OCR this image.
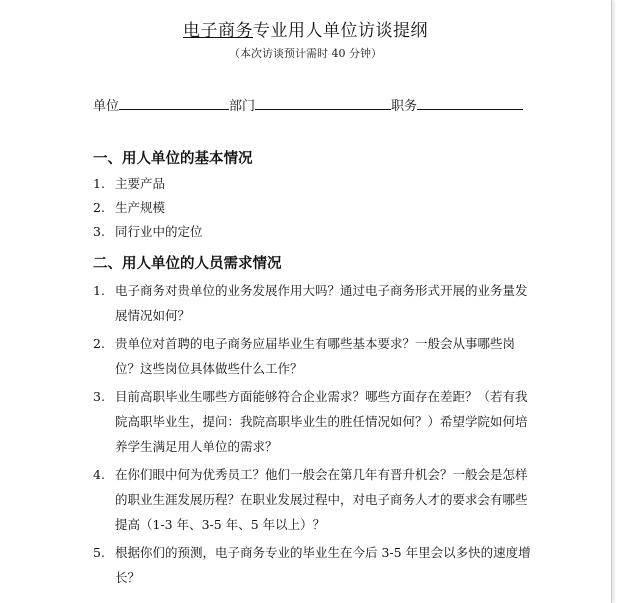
电子商务专业用人单位访谈提纲
（本次访谈预计需时 40 分钟）
单位	部门	职务
一、用人单位的基本情况
1. 主要产品
2. 生产规模
3. 同行业中的定位
二、用人单位的人员需求情况
1. 电子商务对贵单位的业务发展作用大吗？通过电子商务形式开展的业务量发展情况如何？
2. 贵单位对首聘的电子商务应届毕业生有哪些基本要求？一般会从事哪些岗位？这些岗位具体做些什么工作？
3. 目前高职毕业生哪些方面能够符合企业需求？哪些方面存在差距？（若有我院高职毕业生，提问：我院高职毕业生的胜任情况如何？）希望学院如何培养学生满足用人单位的需求？
4. 在你们眼中何为优秀员工？他们一般会在第几年有晋升机会？一般会是怎样的职业生涯发展历程？在职业发展过程中，对电子商务人才的要求会有哪些提高（1-3 年、3-5 年、5 年以上）？
5. 根据你们的预测，电子商务专业的毕业生在今后 3-5 年里会以多快的速度增长？
